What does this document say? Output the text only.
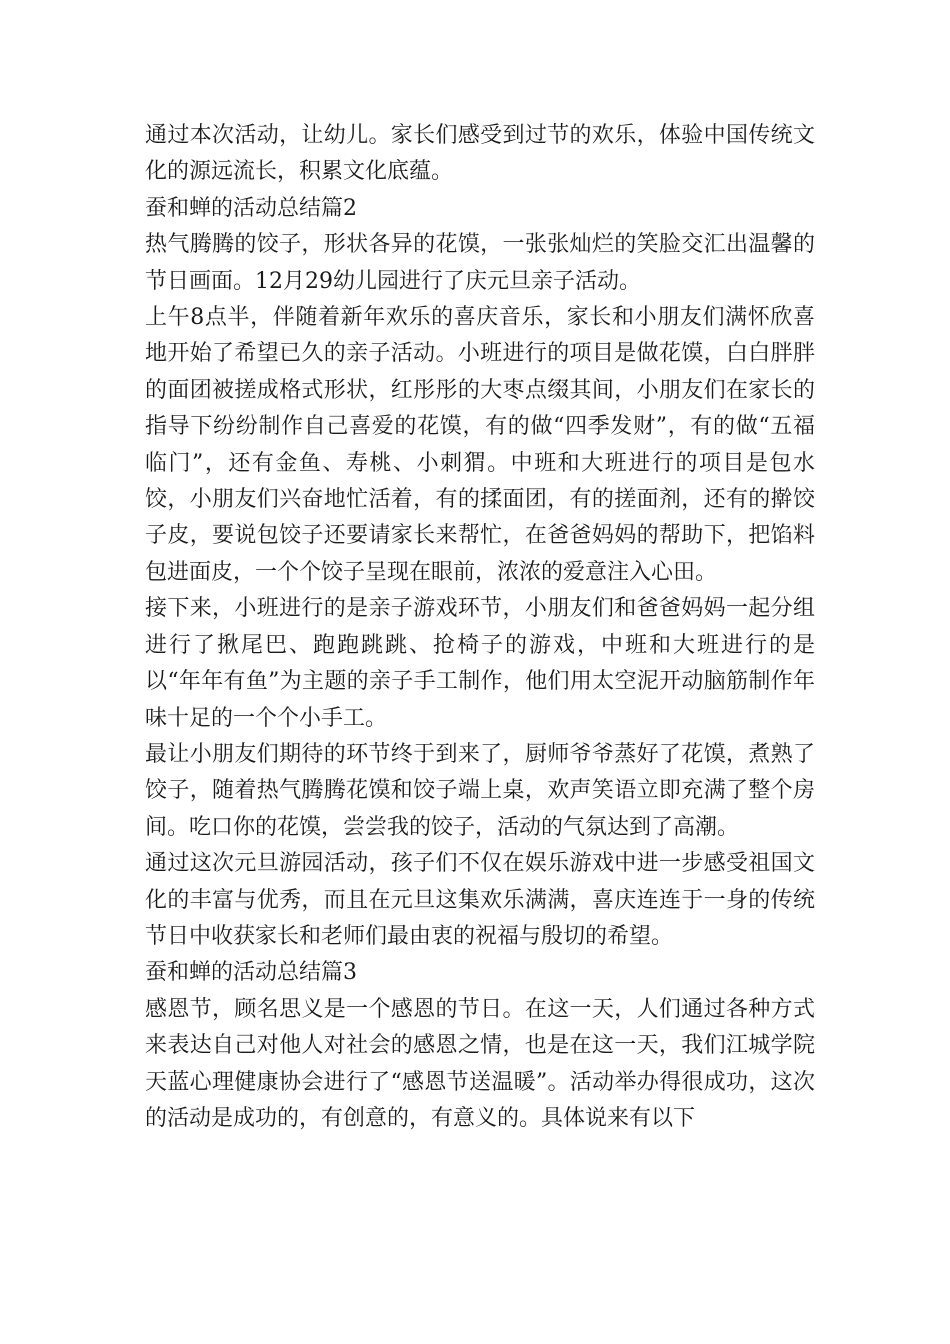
通过本次活动，让幼儿。家长们感受到过节的欢乐，体验中国传统文化的源远流长，积累文化底蕴。

蚕和蝉的活动总结篇2

热气腾腾的饺子，形状各异的花馍，一张张灿烂的笑脸交汇出温馨的节日画面。12月29幼儿园进行了庆元旦亲子活动。

上午8点半，伴随着新年欢乐的喜庆音乐，家长和小朋友们满怀欣喜地开始了希望已久的亲子活动。小班进行的项目是做花馍，白白胖胖的面团被搓成格式形状，红彤彤的大枣点缀其间，小朋友们在家长的指导下纷纷制作自己喜爱的花馍，有的做“四季发财”，有的做“五福临门”，还有金鱼、寿桃、小刺猬。中班和大班进行的项目是包水饺，小朋友们兴奋地忙活着，有的揉面团，有的搓面剂，还有的擀饺子皮，要说包饺子还要请家长来帮忙，在爸爸妈妈的帮助下，把馅料包进面皮，一个个饺子呈现在眼前，浓浓的爱意注入心田。

接下来，小班进行的是亲子游戏环节，小朋友们和爸爸妈妈一起分组进行了揪尾巴、跑跑跳跳、抢椅子的游戏，中班和大班进行的是以“年年有鱼”为主题的亲子手工制作，他们用太空泥开动脑筋制作年味十足的一个个小手工。

最让小朋友们期待的环节终于到来了，厨师爷爷蒸好了花馍，煮熟了饺子，随着热气腾腾花馍和饺子端上桌，欢声笑语立即充满了整个房间。吃口你的花馍，尝尝我的饺子，活动的气氛达到了高潮。

通过这次元旦游园活动，孩子们不仅在娱乐游戏中进一步感受祖国文化的丰富与优秀，而且在元旦这集欢乐满满，喜庆连连于一身的传统节日中收获家长和老师们最由衷的祝福与殷切的希望。

蚕和蝉的活动总结篇3

感恩节，顾名思义是一个感恩的节日。在这一天，人们通过各种方式来表达自己对他人对社会的感恩之情，也是在这一天，我们江城学院天蓝心理健康协会进行了“感恩节送温暖”。活动举办得很成功，这次的活动是成功的，有创意的，有意义的。具体说来有以下
